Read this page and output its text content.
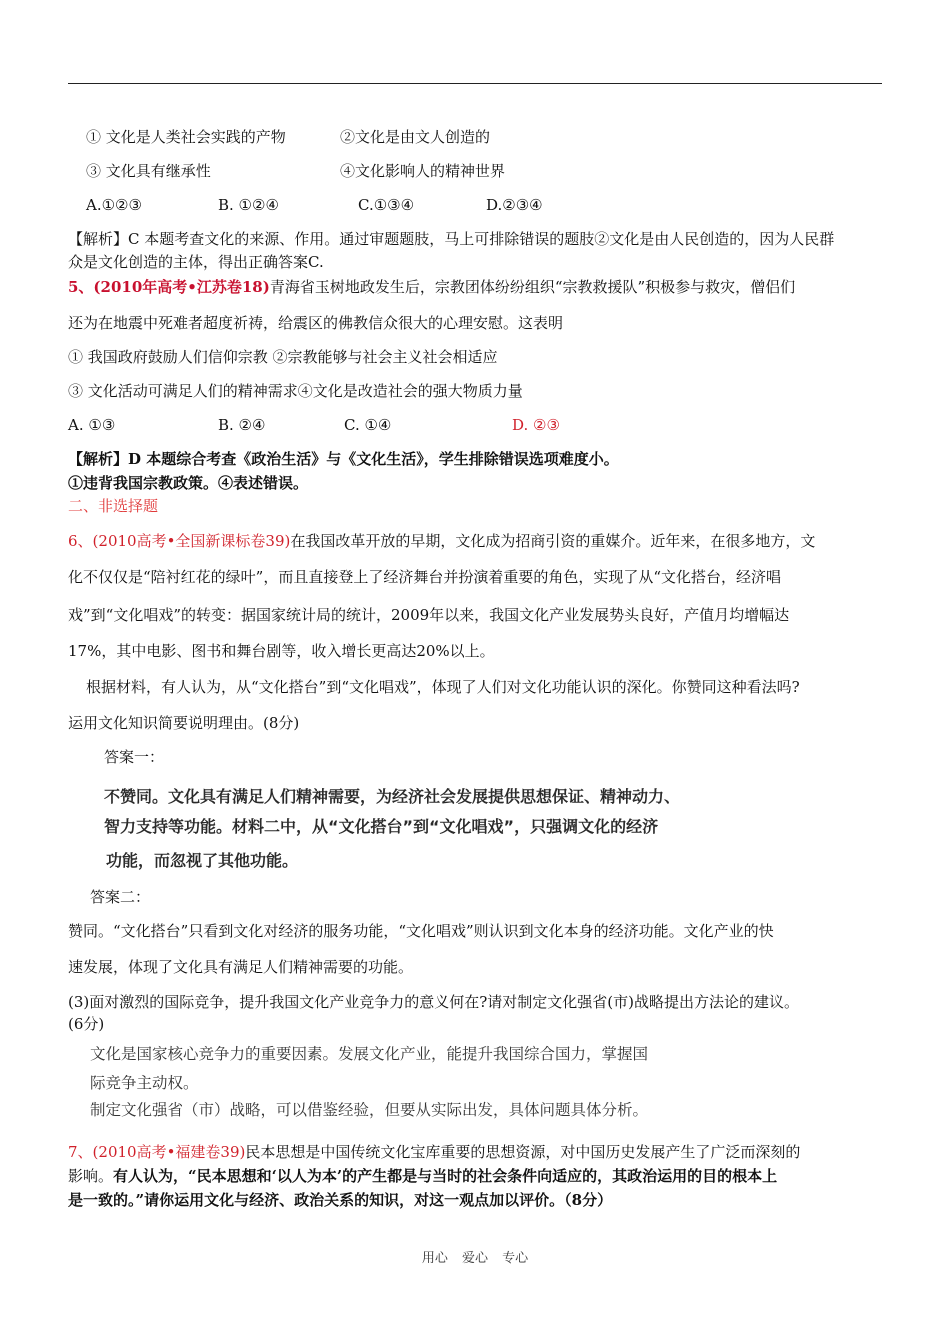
① 文化是人类社会实践的产物	②文化是由文人创造的
③ 文化具有继承性	④文化影响人的精神世界
A.①②③	B. ①②④	C.①③④	D.②③④
【解析】C 本题考查文化的来源、作用。通过审题题肢，马上可排除错误的题肢②文化是由人民创造的，因为人民群
众是文化创造的主体，得出正确答案C.
5、(2010年高考•江苏卷18)青海省玉树地政发生后，宗教团体纷纷组织“宗教救援队”积极参与救灾，僧侣们
还为在地震中死难者超度祈祷，给震区的佛教信众很大的心理安慰。这表明
① 我国政府鼓励人们信仰宗教 ②宗教能够与社会主义社会相适应
③ 文化活动可满足人们的精神需求④文化是改造社会的强大物质力量
A. ①③	B. ②④	C. ①④	D. ②③
【解析】D 本题综合考查《政治生活》与《文化生活》，学生排除错误选项难度小。
①违背我国宗教政策。④表述错误。
二、非选择题
6、(2010高考•全国新课标卷39)在我国改革开放的早期，文化成为招商引资的重媒介。近年来，在很多地方，文
化不仅仅是“陪衬红花的绿叶”，而且直接登上了经济舞台并扮演着重要的角色，实现了从“文化搭台，经济唱
戏”到“文化唱戏”的转变：据国家统计局的统计，2009年以来，我国文化产业发展势头良好，产值月均增幅达
17%，其中电影、图书和舞台剧等，收入增长更高达20%以上。
根据材料，有人认为，从“文化搭台”到“文化唱戏”，体现了人们对文化功能认识的深化。你赞同这种看法吗?
运用文化知识简要说明理由。(8分)
答案一：
不赞同。文化具有满足人们精神需要，为经济社会发展提供思想保证、精神动力、
智力支持等功能。材料二中，从“文化搭台”到“文化唱戏”，只强调文化的经济
功能，而忽视了其他功能。
答案二：
赞同。“文化搭台”只看到文化对经济的服务功能，“文化唱戏”则认识到文化本身的经济功能。文化产业的快
速发展，体现了文化具有满足人们精神需要的功能。
(3)面对激烈的国际竞争，提升我国文化产业竞争力的意义何在?请对制定文化强省(市)战略提出方法论的建议。
(6分)
文化是国家核心竞争力的重要因素。发展文化产业，能提升我国综合国力，掌握国
际竞争主动权。
制定文化强省（市）战略，可以借鉴经验，但要从实际出发，具体问题具体分析。
7、(2010高考•福建卷39)民本思想是中国传统文化宝库重要的思想资源，对中国历史发展产生了广泛而深刻的
影响。有人认为，“民本思想和‘以人为本’的产生都是与当时的社会条件向适应的，其政治运用的目的根本上
是一致的。”请你运用文化与经济、政治关系的知识，对这一观点加以评价。（8分）
用心 爱心 专心
